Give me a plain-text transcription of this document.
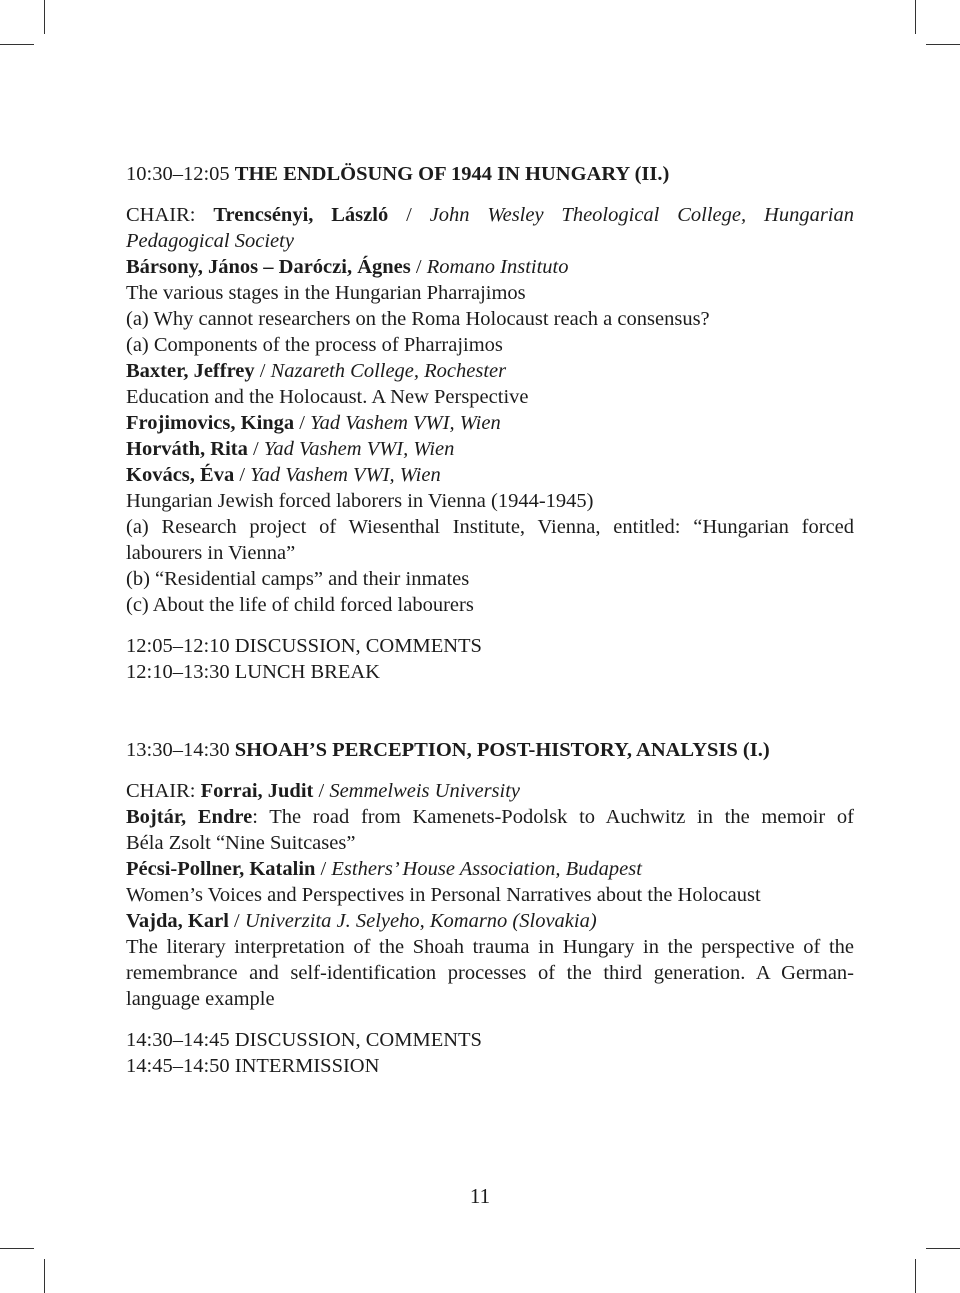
10:30–12:05 THE ENDLÖSUNG OF 1944 IN HUNGARY (II.)
CHAIR: Trencsényi, László / John Wesley Theological College, Hungarian
Pedagogical Society
Bársony, János – Daróczi, Ágnes / Romano Instituto
The various stages in the Hungarian Pharrajimos
(a) Why cannot researchers on the Roma Holocaust reach a consensus?
(a) Components of the process of Pharrajimos
Baxter, Jeffrey / Nazareth College, Rochester
Education and the Holocaust. A New Perspective
Frojimovics, Kinga / Yad Vashem VWI, Wien
Horváth, Rita / Yad Vashem VWI, Wien
Kovács, Éva / Yad Vashem VWI, Wien
Hungarian Jewish forced laborers in Vienna (1944-1945)
(a) Research project of Wiesenthal Institute, Vienna, entitled: “Hungarian forced
labourers in Vienna”
(b) “Residential camps” and their inmates
(c) About the life of child forced labourers
12:05–12:10 DISCUSSION, COMMENTS
12:10–13:30 LUNCH BREAK
13:30–14:30 SHOAH’S PERCEPTION, POST-HISTORY, ANALYSIS (I.)
CHAIR: Forrai, Judit / Semmelweis University
Bojtár, Endre: The road from Kamenets-Podolsk to Auchwitz in the memoir of
Béla Zsolt “Nine Suitcases”
Pécsi-Pollner, Katalin / Esthers’ House Association, Budapest
Women’s Voices and Perspectives in Personal Narratives about the Holocaust
Vajda, Karl / Univerzita J. Selyeho, Komarno (Slovakia)
The literary interpretation of the Shoah trauma in Hungary in the perspective of the
remembrance and self-identification processes of the third generation. A German-
language example
14:30–14:45 DISCUSSION, COMMENTS
14:45–14:50 INTERMISSION
11
